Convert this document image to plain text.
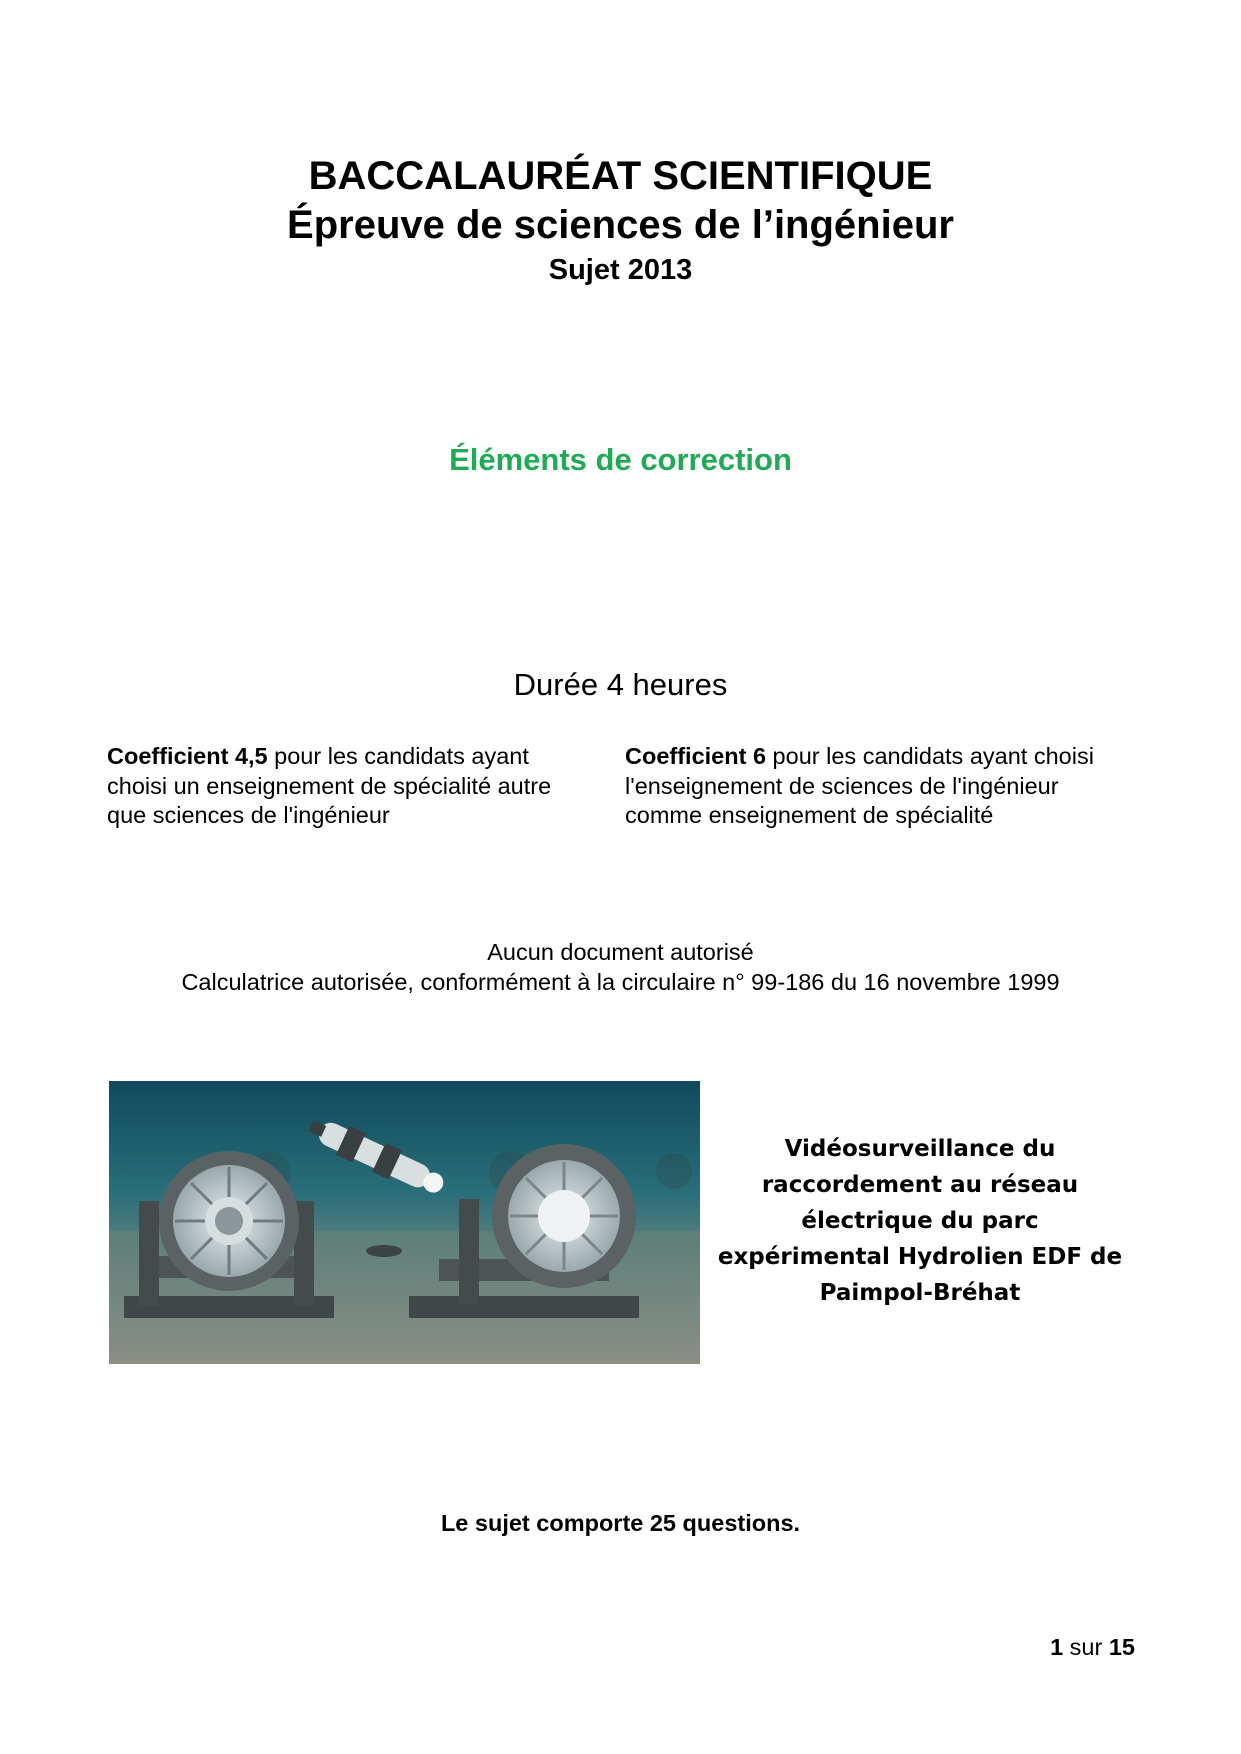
BACCALAURÉAT SCIENTIFIQUE
Épreuve de sciences de l’ingénieur
Sujet 2013
Éléments de correction
Durée 4 heures
Coefficient 4,5 pour les candidats ayant choisi un enseignement de spécialité autre que sciences de l'ingénieur
Coefficient 6 pour les candidats ayant choisi l'enseignement de sciences de l'ingénieur comme enseignement de spécialité
Aucun document autorisé
Calculatrice autorisée, conformément à la circulaire n° 99-186 du 16 novembre 1999
Vidéosurveillance du raccordement au réseau électrique du parc expérimental Hydrolien EDF de Paimpol-Bréhat
Le sujet comporte 25 questions.
1 sur 15
